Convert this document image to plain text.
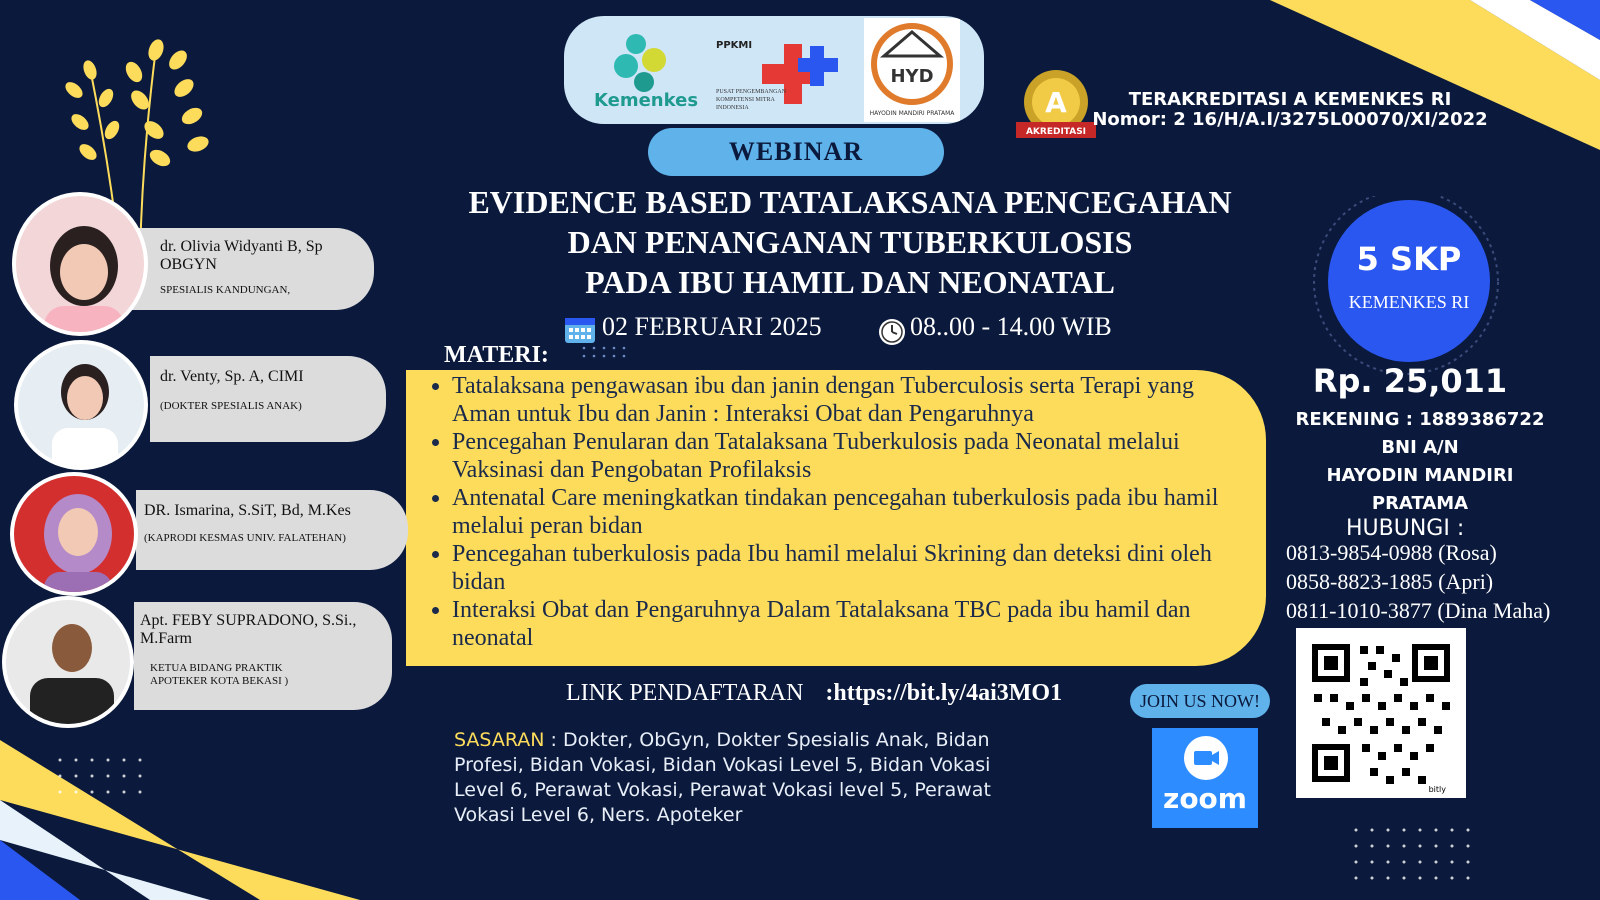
Kemenkes
PPKMI
PUSAT PENGEMBANGAN KOMPETENSI MITRA INDONESIA
HYD
HAYODIN MANDIRI PRATAMA	A
AKREDITASI
TERAKREDITASI A KEMENKES RI
Nomor: 2 16/H/A.I/3275L00070/XI/2022
WEBINAR
EVIDENCE BASED TATALAKSANA PENCEGAHAN
DAN PENANGANAN TUBERKULOSIS
PADA IBU HAMIL DAN NEONATAL
02 FEBRUARI 2025	08..00 - 14.00 WIB
MATERI:
• Tatalaksana pengawasan ibu dan janin dengan Tuberculosis serta Terapi yang Aman untuk Ibu dan Janin : Interaksi Obat dan Pengaruhnya
• Pencegahan Penularan dan Tatalaksana Tuberkulosis pada Neonatal melalui Vaksinasi dan Pengobatan Profilaksis
• Antenatal Care meningkatkan tindakan pencegahan tuberkulosis pada ibu hamil melalui peran bidan
• Pencegahan tuberkulosis pada Ibu hamil melalui Skrining dan deteksi dini oleh bidan
• Interaksi Obat dan Pengaruhnya Dalam Tatalaksana TBC pada ibu hamil dan neonatal
dr. Olivia Widyanti B, Sp OBGYN
SPESIALIS KANDUNGAN,
dr. Venty, Sp. A, CIMI
(DOKTER SPESIALIS ANAK)
DR. Ismarina, S.SiT, Bd, M.Kes
(KAPRODI KESMAS UNIV. FALATEHAN)
Apt. FEBY SUPRADONO, S.Si., M.Farm
KETUA BIDANG PRAKTIK APOTEKER KOTA BEKASI )	LINK PENDAFTARAN :https://bit.ly/4ai3MO1
SASARAN : Dokter, ObGyn, Dokter Spesialis Anak, Bidan Profesi, Bidan Vokasi, Bidan Vokasi Level 5, Bidan Vokasi Level 6, Perawat Vokasi, Perawat Vokasi level 5, Perawat Vokasi Level 6, Ners. Apoteker
JOIN US NOW!
zoom
5 SKP
KEMENKES RI
Rp. 25,011
REKENING : 1889386722
BNI A/N
HAYODIN MANDIRI
PRATAMA
HUBUNGI :
0813-9854-0988 (Rosa)
0858-8823-1885 (Apri)
0811-1010-3877 (Dina Maha)
bitly
